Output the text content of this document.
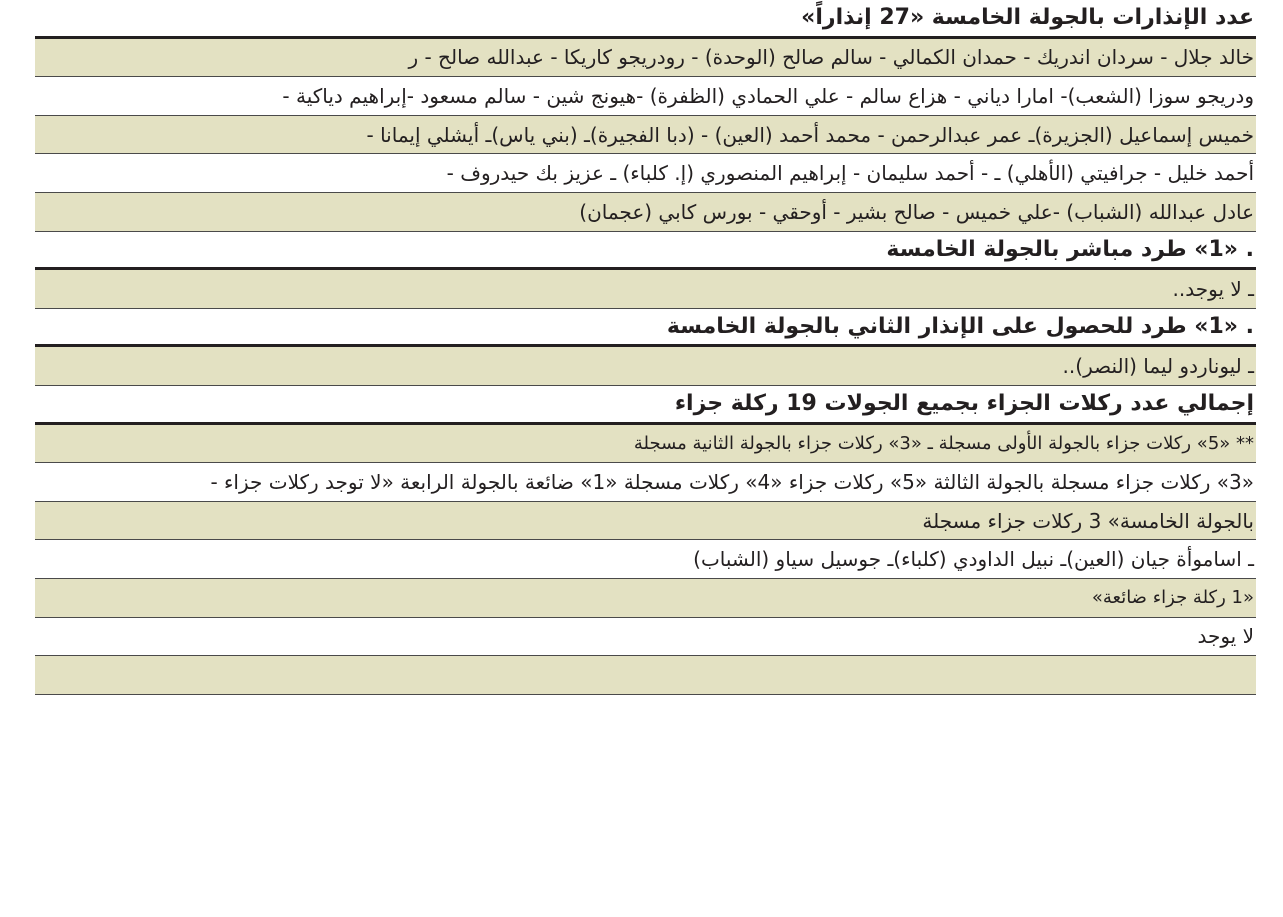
عدد الإنذارات بالجولة الخامسة «27 إنذاراً»
خالد جلال - سردان اندريك - حمدان الكمالي - سالم صالح (الوحدة) - رودريجو كاريكا - عبدالله صالح - ر
ودريجو سوزا (الشعب)- امارا دياني - هزاع سالم - علي الحمادي (الظفرة) -هيونج شين - سالم مسعود -إبراهيم دياكية -
خميس إسماعيل (الجزيرة)ـ عمر عبدالرحمن - محمد أحمد (العين) - (دبا الفجيرة)ـ (بني ياس)ـ أيشلي إيمانا -
أحمد خليل - جرافيتي (الأهلي) ـ - أحمد سليمان - إبراهيم المنصوري (إ. كلباء) ـ عزيز بك حيدروف -
عادل عبدالله (الشباب) -علي خميس - صالح بشير - أوحقي - بورس كابي (عجمان)
. «1» طرد مباشر بالجولة الخامسة
ـ لا يوجد..
. «1» طرد للحصول على الإنذار الثاني بالجولة الخامسة
ـ ليوناردو ليما (النصر)..
إجمالي عدد ركلات الجزاء بجميع الجولات 19 ركلة جزاء
** «5» ركلات جزاء بالجولة الأولى مسجلة ـ «3» ركلات جزاء بالجولة الثانية مسجلة
«3» ركلات جزاء مسجلة بالجولة الثالثة «5» ركلات جزاء «4» ركلات مسجلة «1» ضائعة بالجولة الرابعة «لا توجد ركلات جزاء -
بالجولة الخامسة» 3 ركلات جزاء مسجلة
ـ اساموأة جيان (العين)ـ نبيل الداودي (كلباء)ـ جوسيل سياو (الشباب)
«1 ركلة جزاء ضائعة»
لا يوجد
